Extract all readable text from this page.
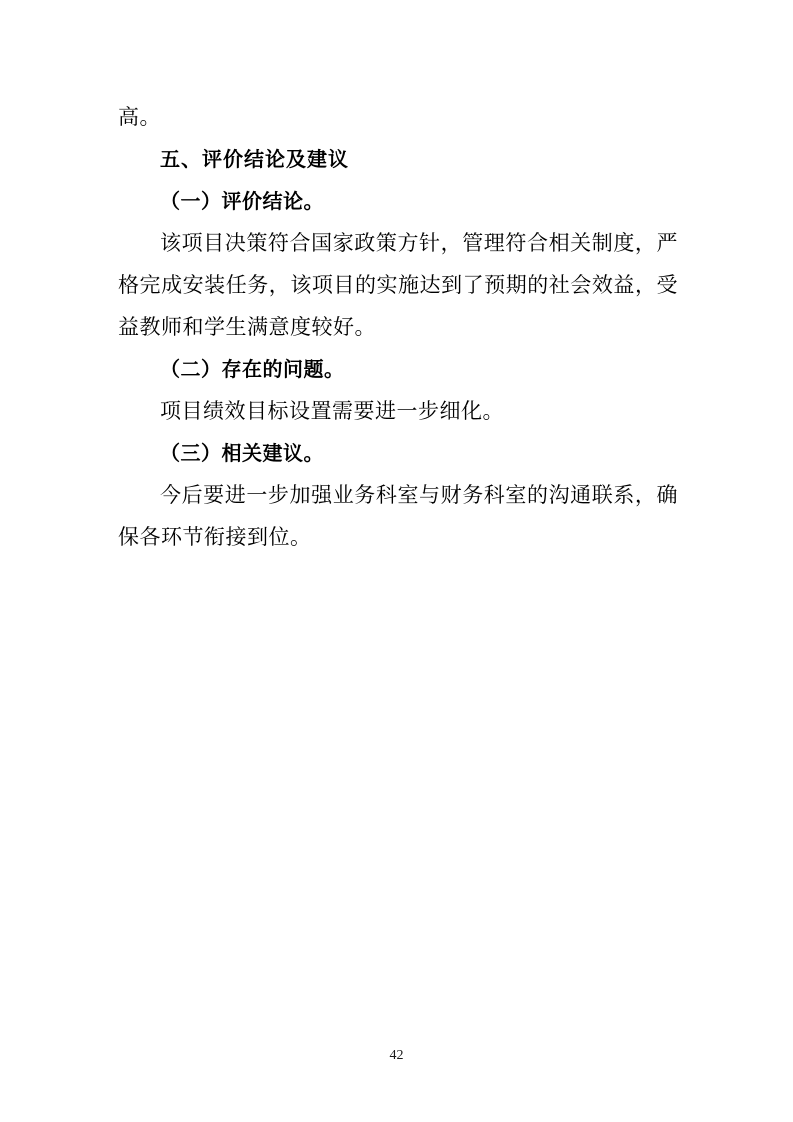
高。
五、评价结论及建议
（一）评价结论。
该项目决策符合国家政策方针，管理符合相关制度，严格完成安装任务，该项目的实施达到了预期的社会效益，受益教师和学生满意度较好。
（二）存在的问题。
项目绩效目标设置需要进一步细化。
（三）相关建议。
今后要进一步加强业务科室与财务科室的沟通联系，确保各环节衔接到位。
42
